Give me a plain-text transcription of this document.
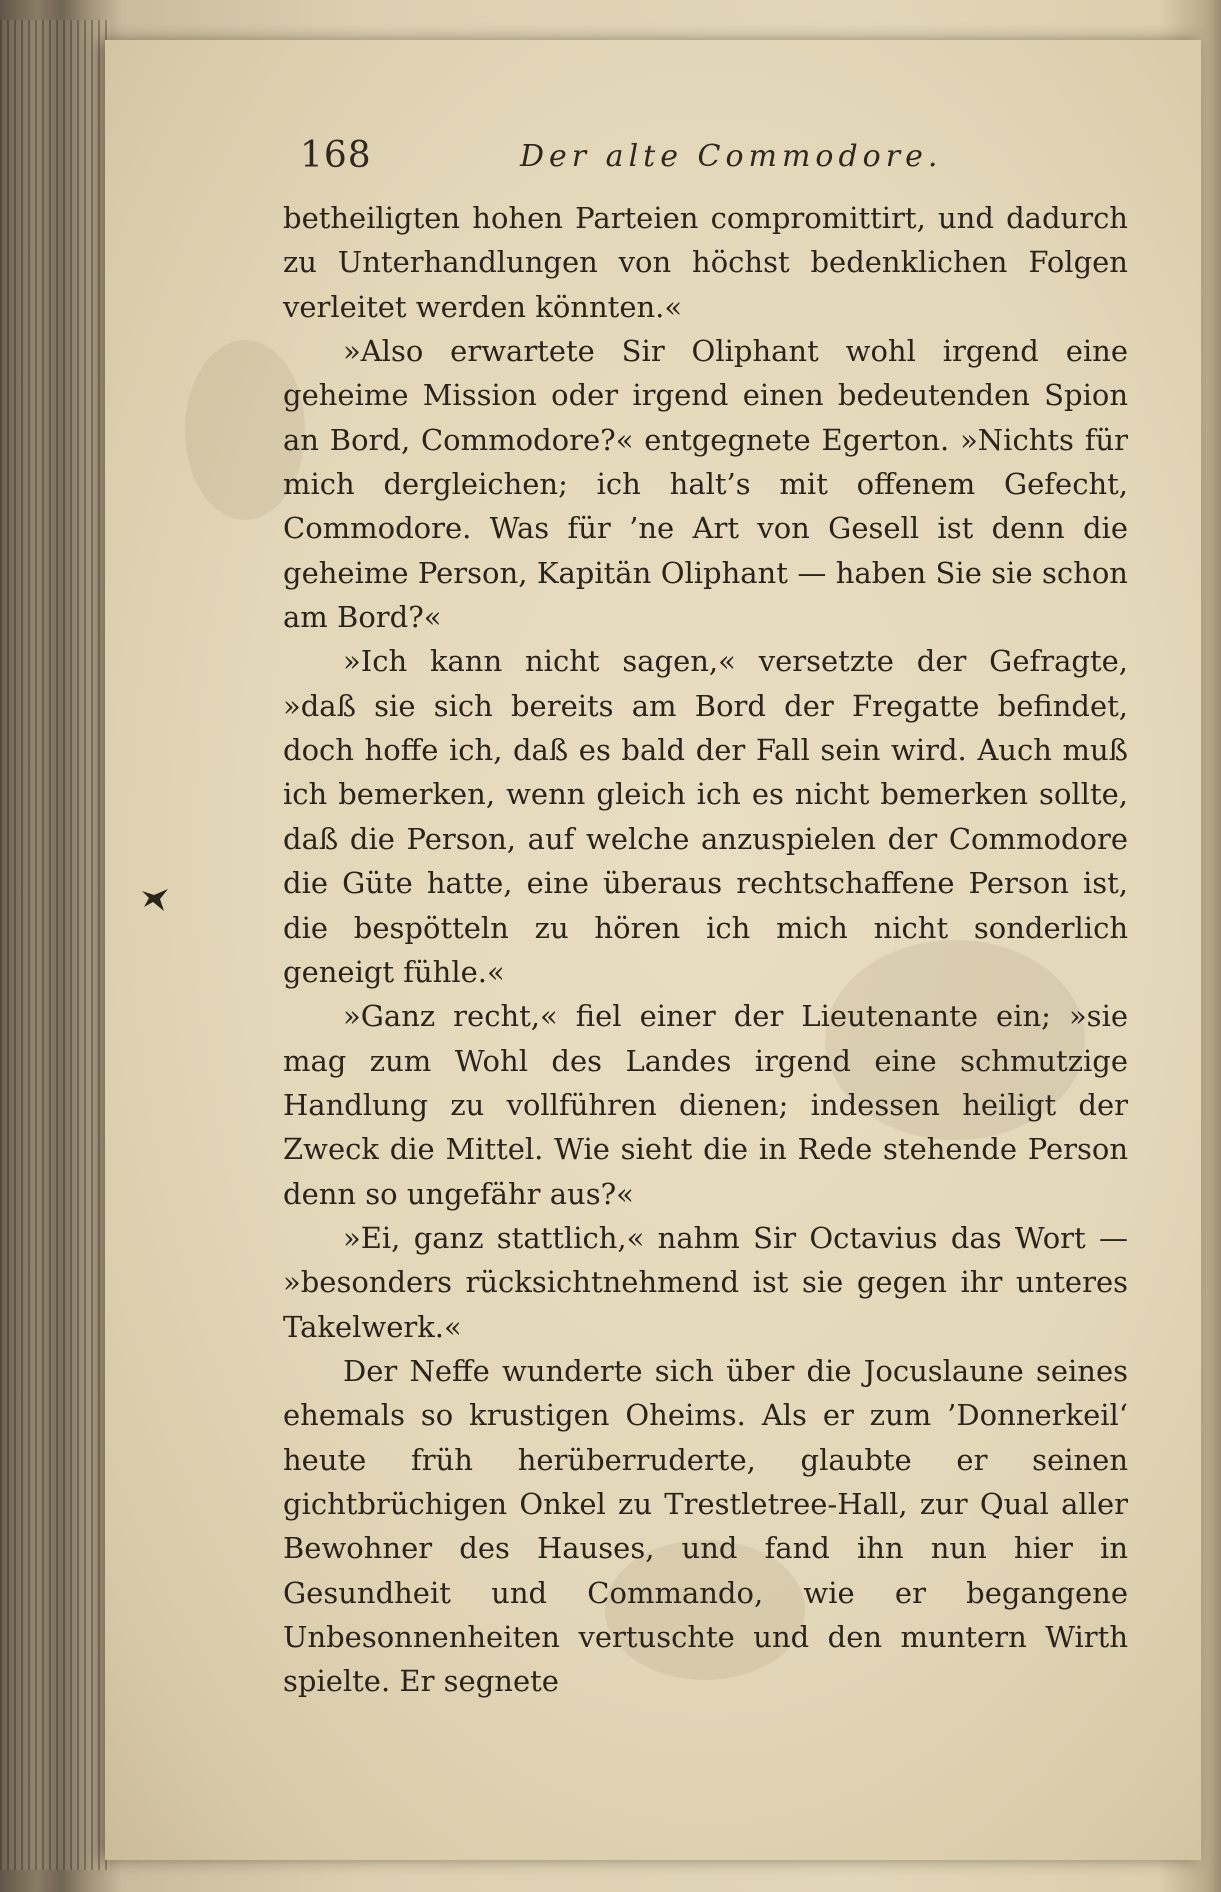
168	Der alte Commodore.

betheiligten hohen Parteien compromittirt, und dadurch zu Unterhandlungen von höchst bedenklichen Folgen verleitet werden könnten.«

»Also erwartete Sir Oliphant wohl irgend eine geheime Mission oder irgend einen bedeutenden Spion an Bord, Commodore?« entgegnete Egerton. »Nichts für mich dergleichen; ich halt’s mit offenem Gefecht, Commodore. Was für ’ne Art von Gesell ist denn die geheime Person, Kapitän Oliphant — haben Sie sie schon am Bord?«

»Ich kann nicht sagen,« versetzte der Gefragte, »daß sie sich bereits am Bord der Fregatte befindet, doch hoffe ich, daß es bald der Fall sein wird. Auch muß ich bemerken, wenn gleich ich es nicht bemerken sollte, daß die Person, auf welche anzuspielen der Commodore die Güte hatte, eine überaus rechtschaffene Person ist, die bespötteln zu hören ich mich nicht sonderlich geneigt fühle.«

»Ganz recht,« fiel einer der Lieutenante ein; »sie mag zum Wohl des Landes irgend eine schmutzige Handlung zu vollführen dienen; indessen heiligt der Zweck die Mittel. Wie sieht die in Rede stehende Person denn so ungefähr aus?«

»Ei, ganz stattlich,« nahm Sir Octavius das Wort — »besonders rücksichtnehmend ist sie gegen ihr unteres Takelwerk.«

Der Neffe wunderte sich über die Jocuslaune seines ehemals so krustigen Oheims. Als er zum ’Donnerkeil‘ heute früh herüberruderte, glaubte er seinen gichtbrüchigen Onkel zu Trestletree-Hall, zur Qual aller Bewohner des Hauses, und fand ihn nun hier in Gesundheit und Commando, wie er begangene Unbesonnenheiten vertuschte und den muntern Wirth spielte. Er segnete
